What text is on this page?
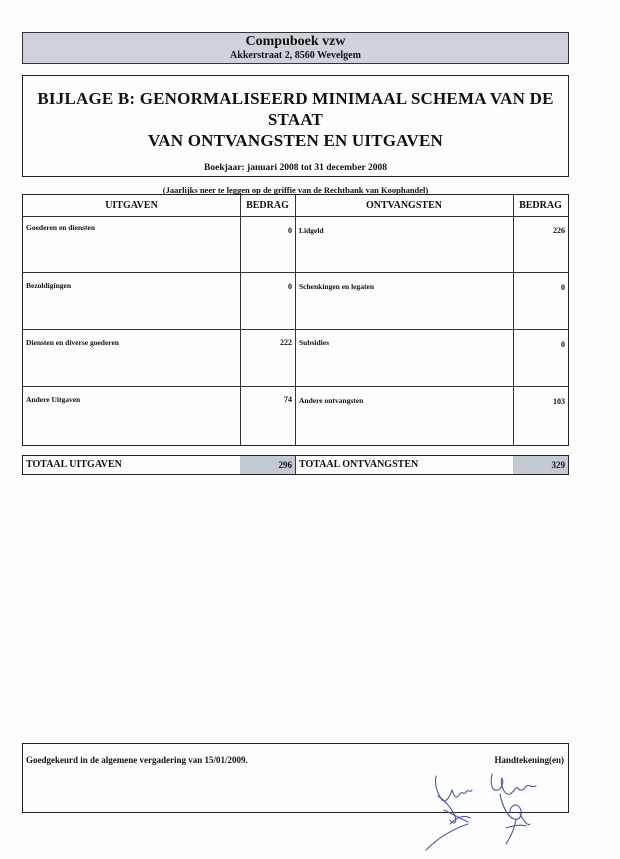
Compuboek vzw
Akkerstraat 2, 8560 Wevelgem
BIJLAGE B: GENORMALISEERD MINIMAAL SCHEMA VAN DE STAAT
VAN ONTVANGSTEN EN UITGAVEN
Boekjaar: januari 2008 tot 31 december 2008
(Jaarlijks neer te leggen op de griffie van de Rechtbank van Koophandel)
UITGAVEN	BEDRAG	ONTVANGSTEN	BEDRAG
Goederen en diensten	0 Lidgeld	226
Bezoldigingen	0 Schenkingen en legaten	0
Diensten en diverse goederen	222 Subsidies	0
Andere Uitgaven	74 Andere ontvangsten	103
TOTAAL UITGAVEN	296 TOTAAL ONTVANGSTEN	329
Goedgekeurd in de algemene vergadering van 15/01/2009.	Handtekening(en)
